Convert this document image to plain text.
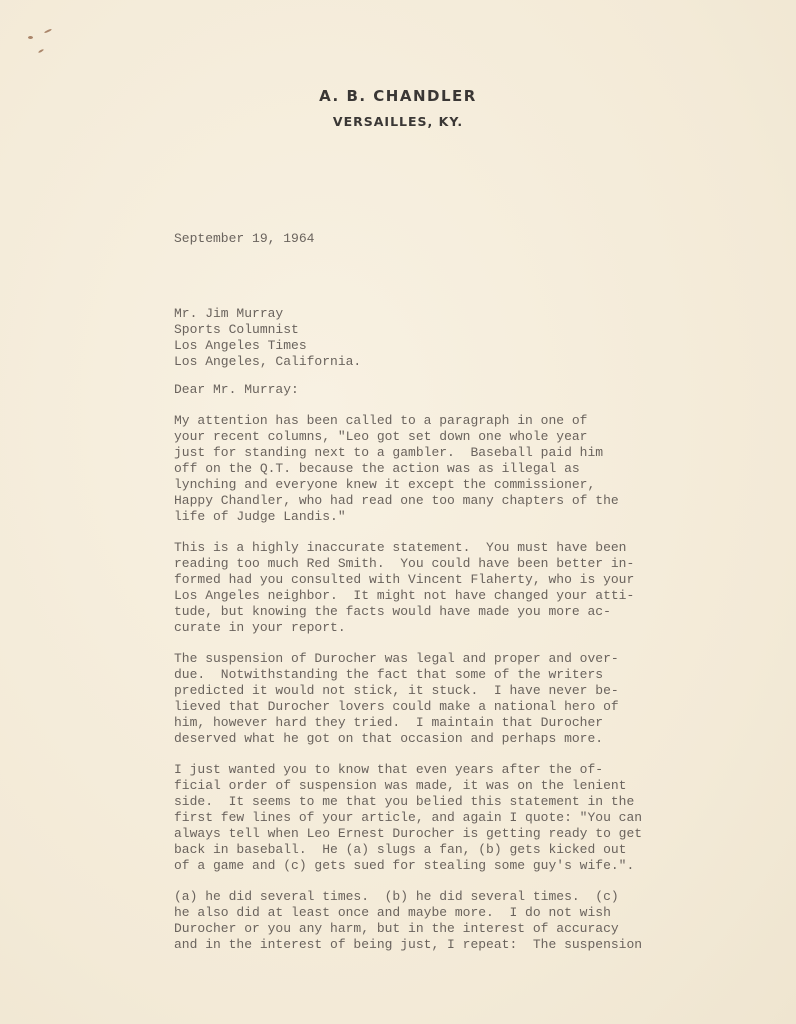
A. B. CHANDLER
VERSAILLES, KY.
September 19, 1964
Mr. Jim Murray
Sports Columnist
Los Angeles Times
Los Angeles, California.
Dear Mr. Murray:
My attention has been called to a paragraph in one of
your recent columns, "Leo got set down one whole year
just for standing next to a gambler.  Baseball paid him
off on the Q.T. because the action was as illegal as
lynching and everyone knew it except the commissioner,
Happy Chandler, who had read one too many chapters of the
life of Judge Landis."
This is a highly inaccurate statement.  You must have been
reading too much Red Smith.  You could have been better in-
formed had you consulted with Vincent Flaherty, who is your
Los Angeles neighbor.  It might not have changed your atti-
tude, but knowing the facts would have made you more ac-
curate in your report.
The suspension of Durocher was legal and proper and over-
due.  Notwithstanding the fact that some of the writers
predicted it would not stick, it stuck.  I have never be-
lieved that Durocher lovers could make a national hero of
him, however hard they tried.  I maintain that Durocher
deserved what he got on that occasion and perhaps more.
I just wanted you to know that even years after the of-
ficial order of suspension was made, it was on the lenient
side.  It seems to me that you belied this statement in the
first few lines of your article, and again I quote: "You can
always tell when Leo Ernest Durocher is getting ready to get
back in baseball.  He (a) slugs a fan, (b) gets kicked out
of a game and (c) gets sued for stealing some guy's wife.".
(a) he did several times.  (b) he did several times.  (c)
he also did at least once and maybe more.  I do not wish
Durocher or you any harm, but in the interest of accuracy
and in the interest of being just, I repeat:  The suspension
